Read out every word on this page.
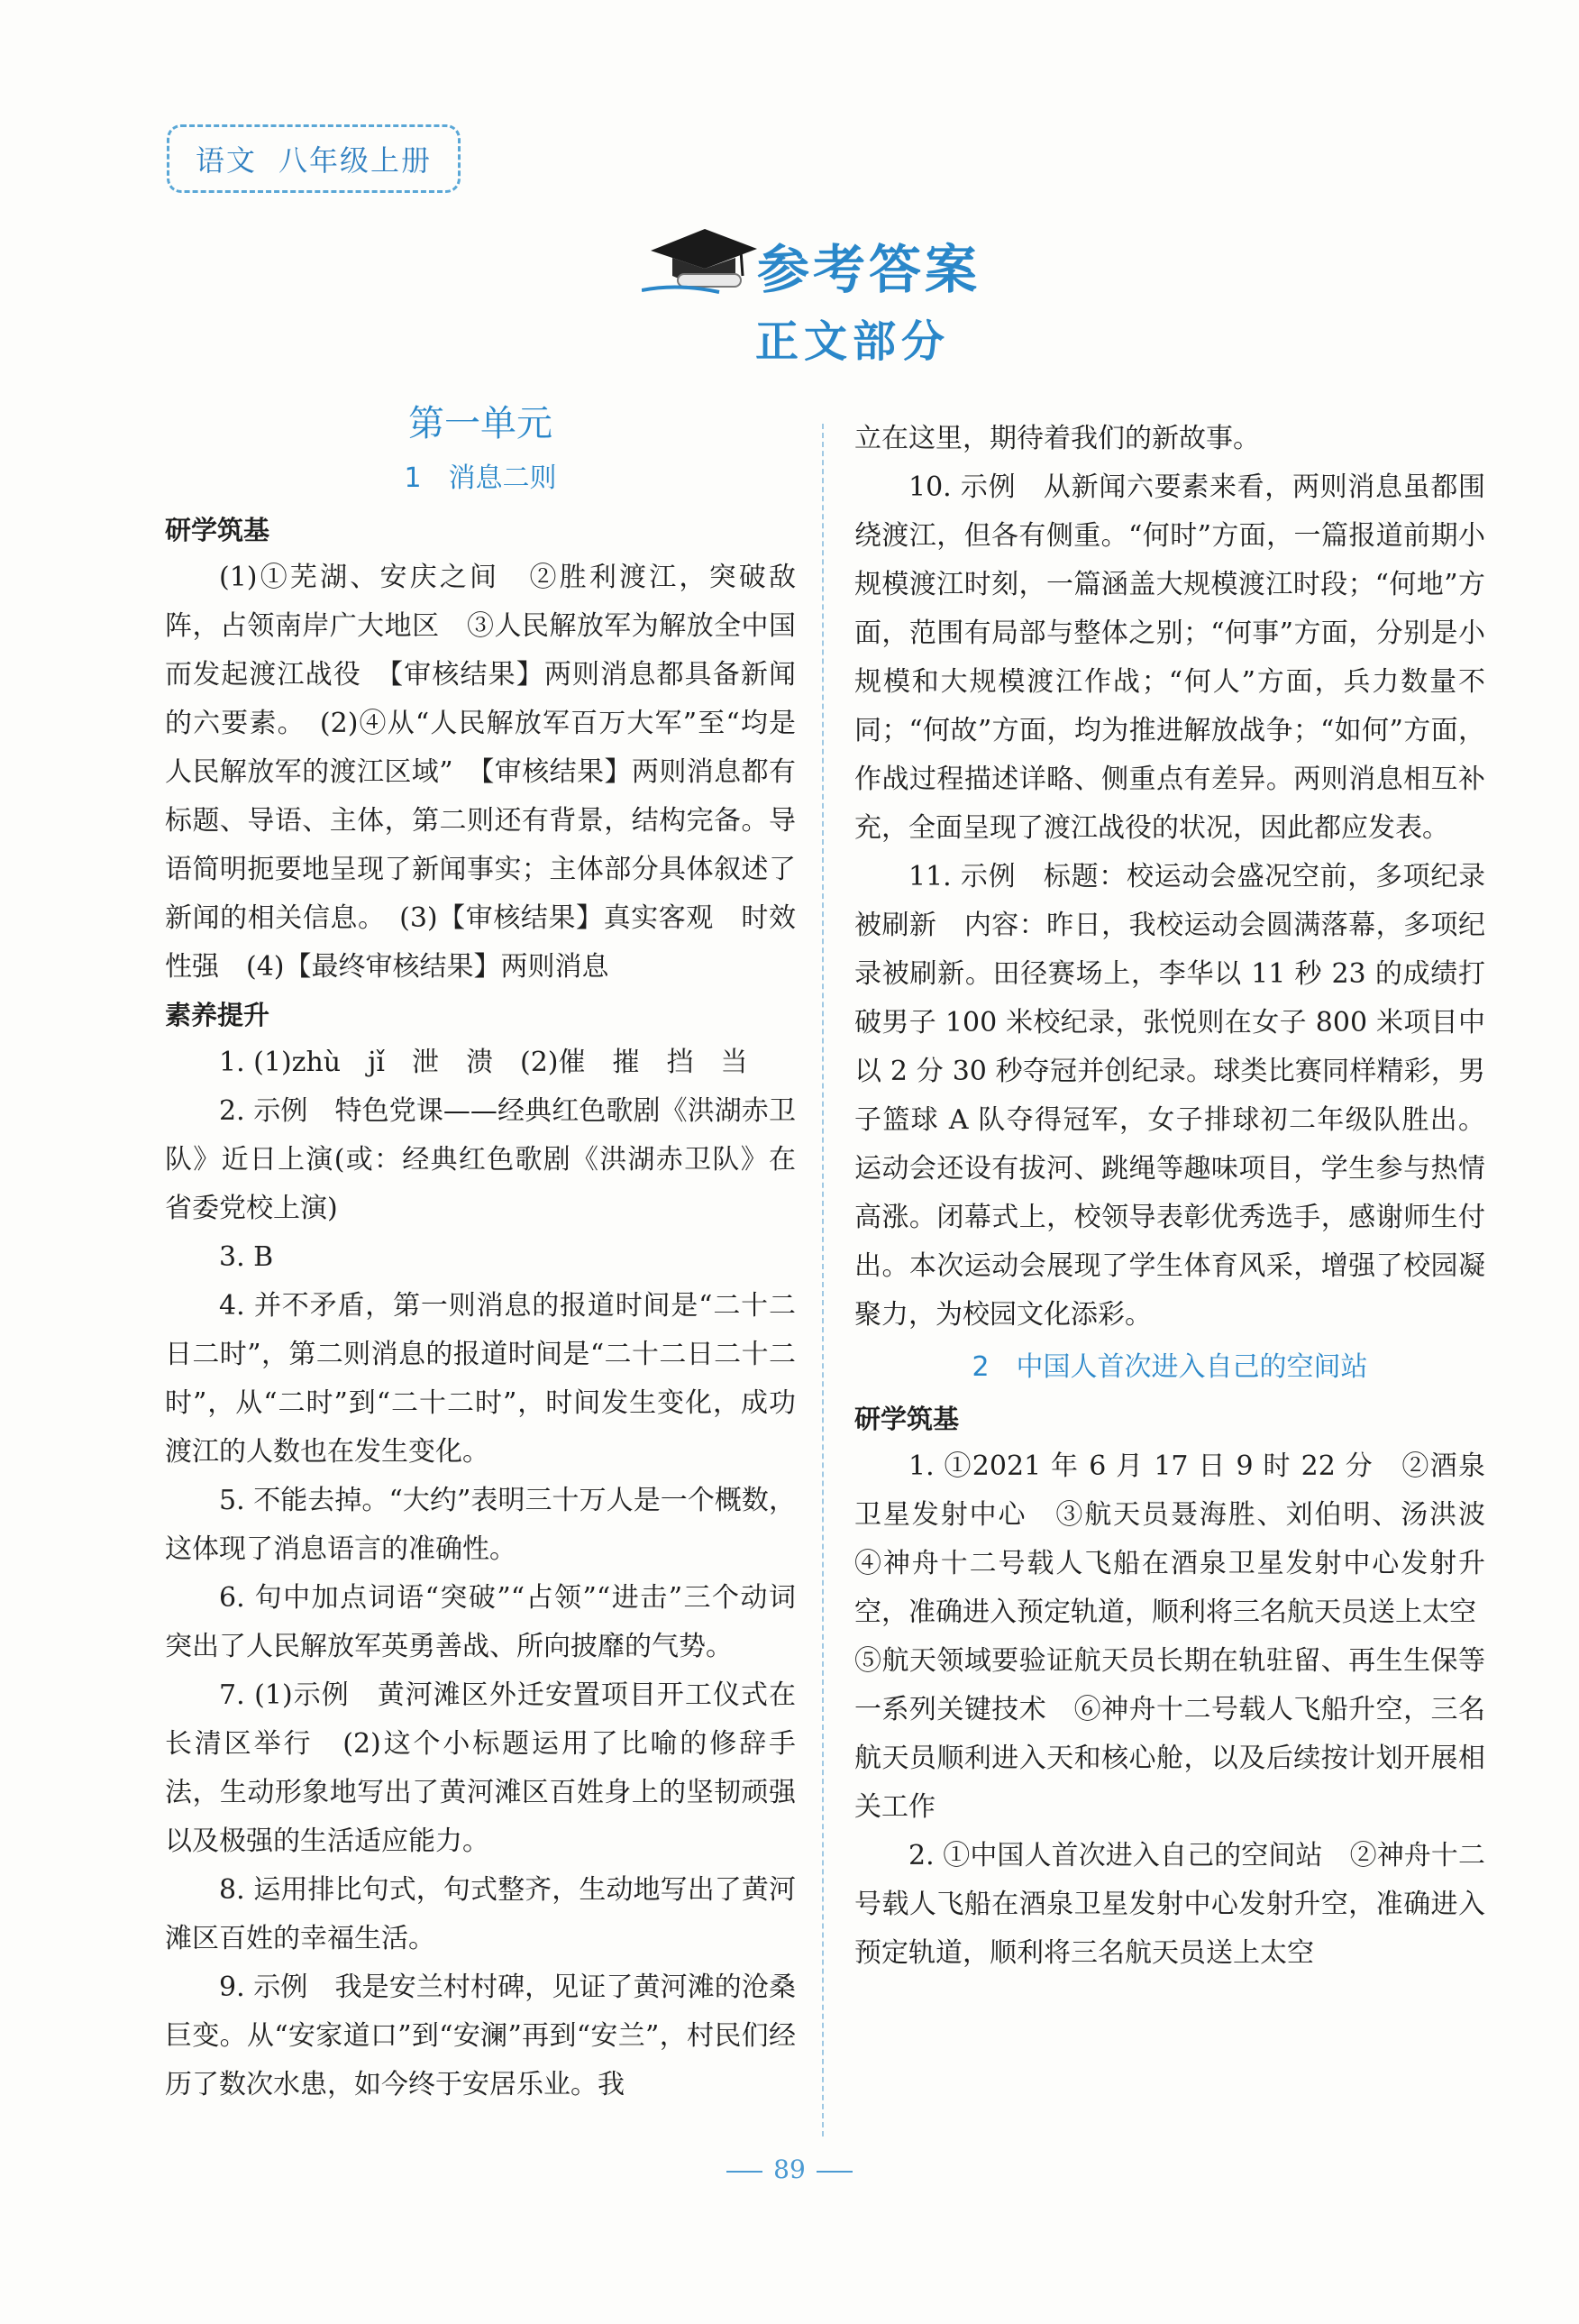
语文 八年级上册
参考答案
正文部分
第一单元
1　消息二则
研学筑基

(1)①芜湖、安庆之间　②胜利渡江，突破敌阵，占领南岸广大地区　③人民解放军为解放全中国而发起渡江战役　【审核结果】两则消息都具备新闻的六要素。　(2)④从“人民解放军百万大军”至“均是人民解放军的渡江区域”　【审核结果】两则消息都有标题、导语、主体，第二则还有背景，结构完备。导语简明扼要地呈现了新闻事实；主体部分具体叙述了新闻的相关信息。　(3)【审核结果】真实客观　时效性强　(4)【最终审核结果】两则消息

素养提升

1. (1)zhù　jǐ　泄　溃　(2)催　摧　挡　当

2. 示例　特色党课——经典红色歌剧《洪湖赤卫队》近日上演(或：经典红色歌剧《洪湖赤卫队》在省委党校上演)

3. B

4. 并不矛盾，第一则消息的报道时间是“二十二日二时”，第二则消息的报道时间是“二十二日二十二时”，从“二时”到“二十二时”，时间发生变化，成功渡江的人数也在发生变化。

5. 不能去掉。“大约”表明三十万人是一个概数，这体现了消息语言的准确性。

6. 句中加点词语“突破”“占领”“进击”三个动词突出了人民解放军英勇善战、所向披靡的气势。

7. (1)示例　黄河滩区外迁安置项目开工仪式在长清区举行　(2)这个小标题运用了比喻的修辞手法，生动形象地写出了黄河滩区百姓身上的坚韧顽强以及极强的生活适应能力。

8. 运用排比句式，句式整齐，生动地写出了黄河滩区百姓的幸福生活。

9. 示例　我是安兰村村碑，见证了黄河滩的沧桑巨变。从“安家道口”到“安澜”再到“安兰”，村民们经历了数次水患，如今终于安居乐业。我

立在这里，期待着我们的新故事。

10. 示例　从新闻六要素来看，两则消息虽都围绕渡江，但各有侧重。“何时”方面，一篇报道前期小规模渡江时刻，一篇涵盖大规模渡江时段；“何地”方面，范围有局部与整体之别；“何事”方面，分别是小规模和大规模渡江作战；“何人”方面，兵力数量不同；“何故”方面，均为推进解放战争；“如何”方面，作战过程描述详略、侧重点有差异。两则消息相互补充，全面呈现了渡江战役的状况，因此都应发表。

11. 示例　标题：校运动会盛况空前，多项纪录被刷新　内容：昨日，我校运动会圆满落幕，多项纪录被刷新。田径赛场上，李华以 11 秒 23 的成绩打破男子 100 米校纪录，张悦则在女子 800 米项目中以 2 分 30 秒夺冠并创纪录。球类比赛同样精彩，男子篮球 A 队夺得冠军，女子排球初二年级队胜出。运动会还设有拔河、跳绳等趣味项目，学生参与热情高涨。闭幕式上，校领导表彰优秀选手，感谢师生付出。本次运动会展现了学生体育风采，增强了校园凝聚力，为校园文化添彩。

2　中国人首次进入自己的空间站
研学筑基

1. ①2021 年 6 月 17 日 9 时 22 分　②酒泉卫星发射中心　③航天员聂海胜、刘伯明、汤洪波　④神舟十二号载人飞船在酒泉卫星发射中心发射升空，准确进入预定轨道，顺利将三名航天员送上太空

⑤航天领域要验证航天员长期在轨驻留、再生生保等一系列关键技术　⑥神舟十二号载人飞船升空，三名航天员顺利进入天和核心舱，以及后续按计划开展相关工作

2. ①中国人首次进入自己的空间站　②神舟十二号载人飞船在酒泉卫星发射中心发射升空，准确进入预定轨道，顺利将三名航天员送上太空

89
